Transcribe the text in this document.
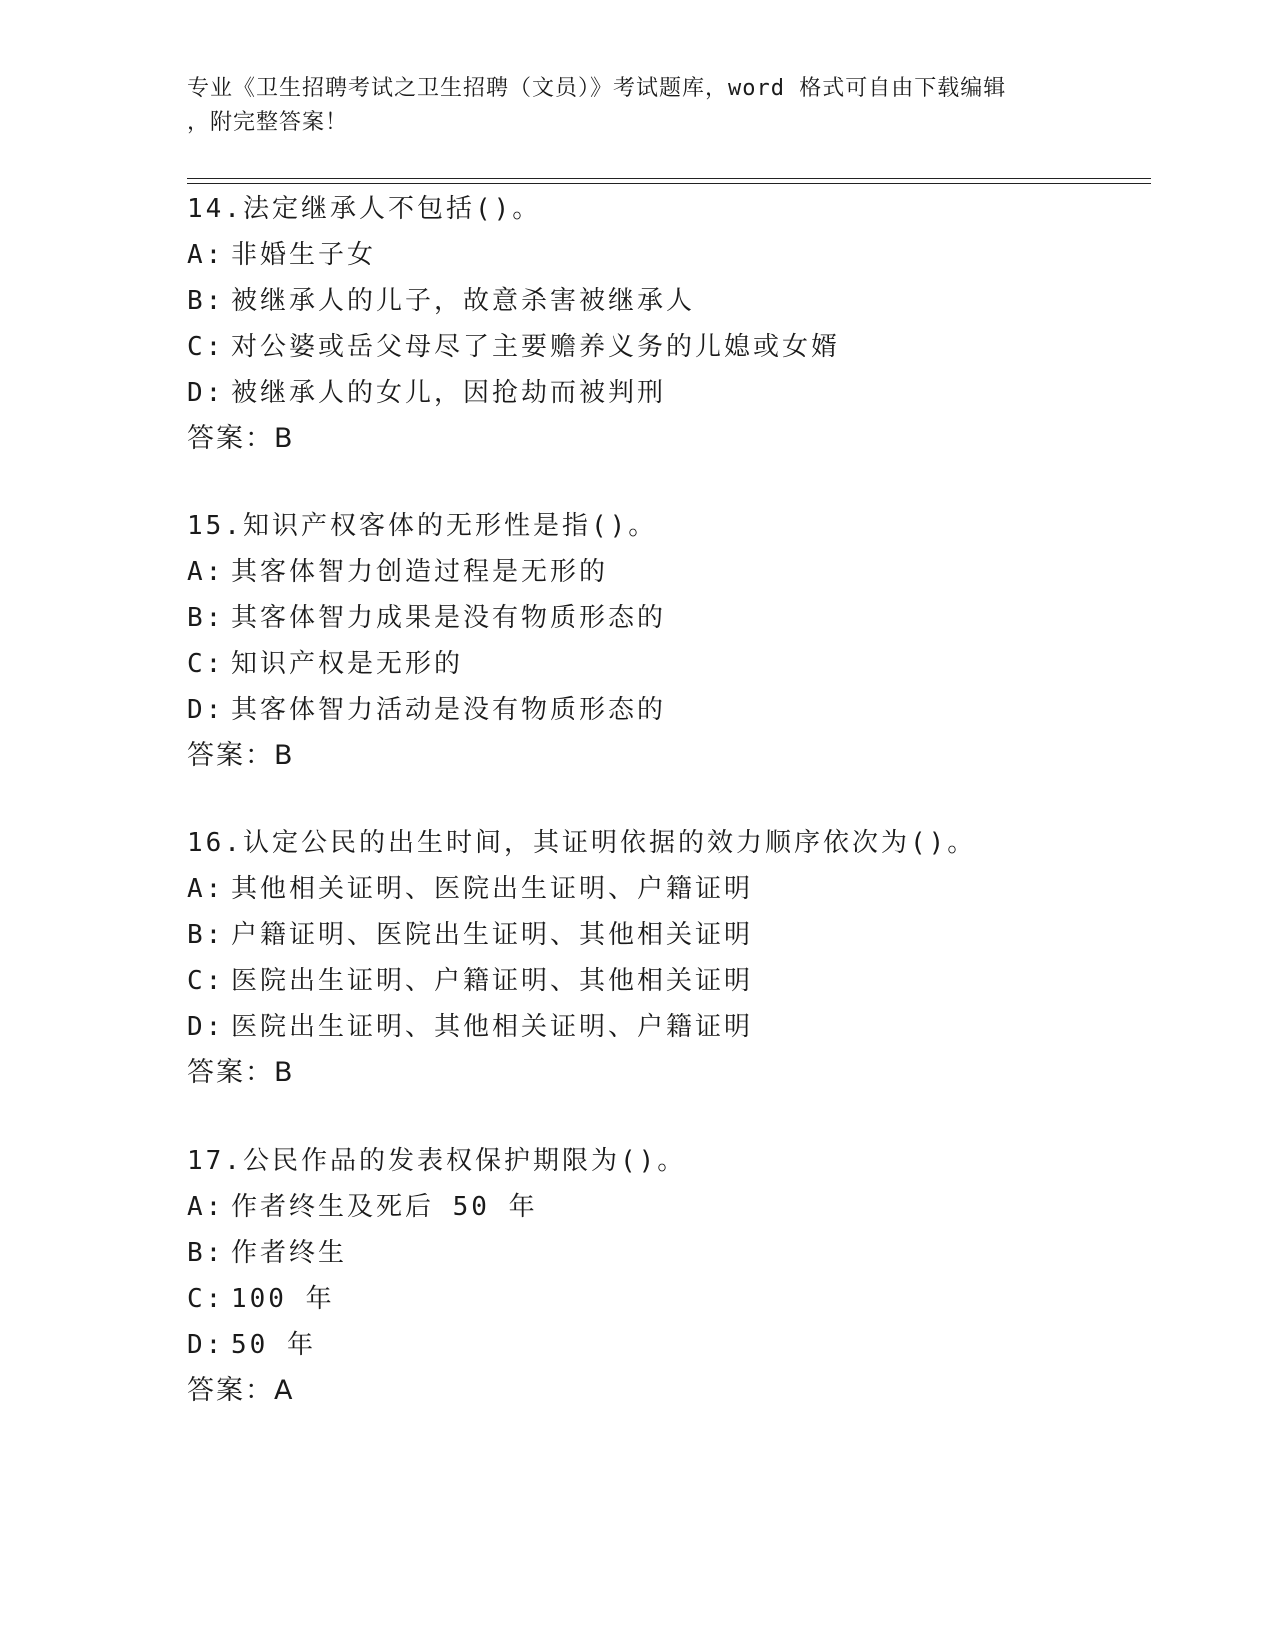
专业《卫生招聘考试之卫生招聘（文员）》考试题库，word 格式可自由下载编辑
，附完整答案！
14.法定继承人不包括()。
A: 非婚生子女
B: 被继承人的儿子，故意杀害被继承人
C: 对公婆或岳父母尽了主要赡养义务的儿媳或女婿
D: 被继承人的女儿，因抢劫而被判刑
答案：B
15.知识产权客体的无形性是指()。
A: 其客体智力创造过程是无形的
B: 其客体智力成果是没有物质形态的
C: 知识产权是无形的
D: 其客体智力活动是没有物质形态的
答案：B
16.认定公民的出生时间，其证明依据的效力顺序依次为()。
A: 其他相关证明、医院出生证明、户籍证明
B: 户籍证明、医院出生证明、其他相关证明
C: 医院出生证明、户籍证明、其他相关证明
D: 医院出生证明、其他相关证明、户籍证明
答案：B
17.公民作品的发表权保护期限为()。
A: 作者终生及死后 50 年
B: 作者终生
C: 100 年
D: 50 年
答案：A
